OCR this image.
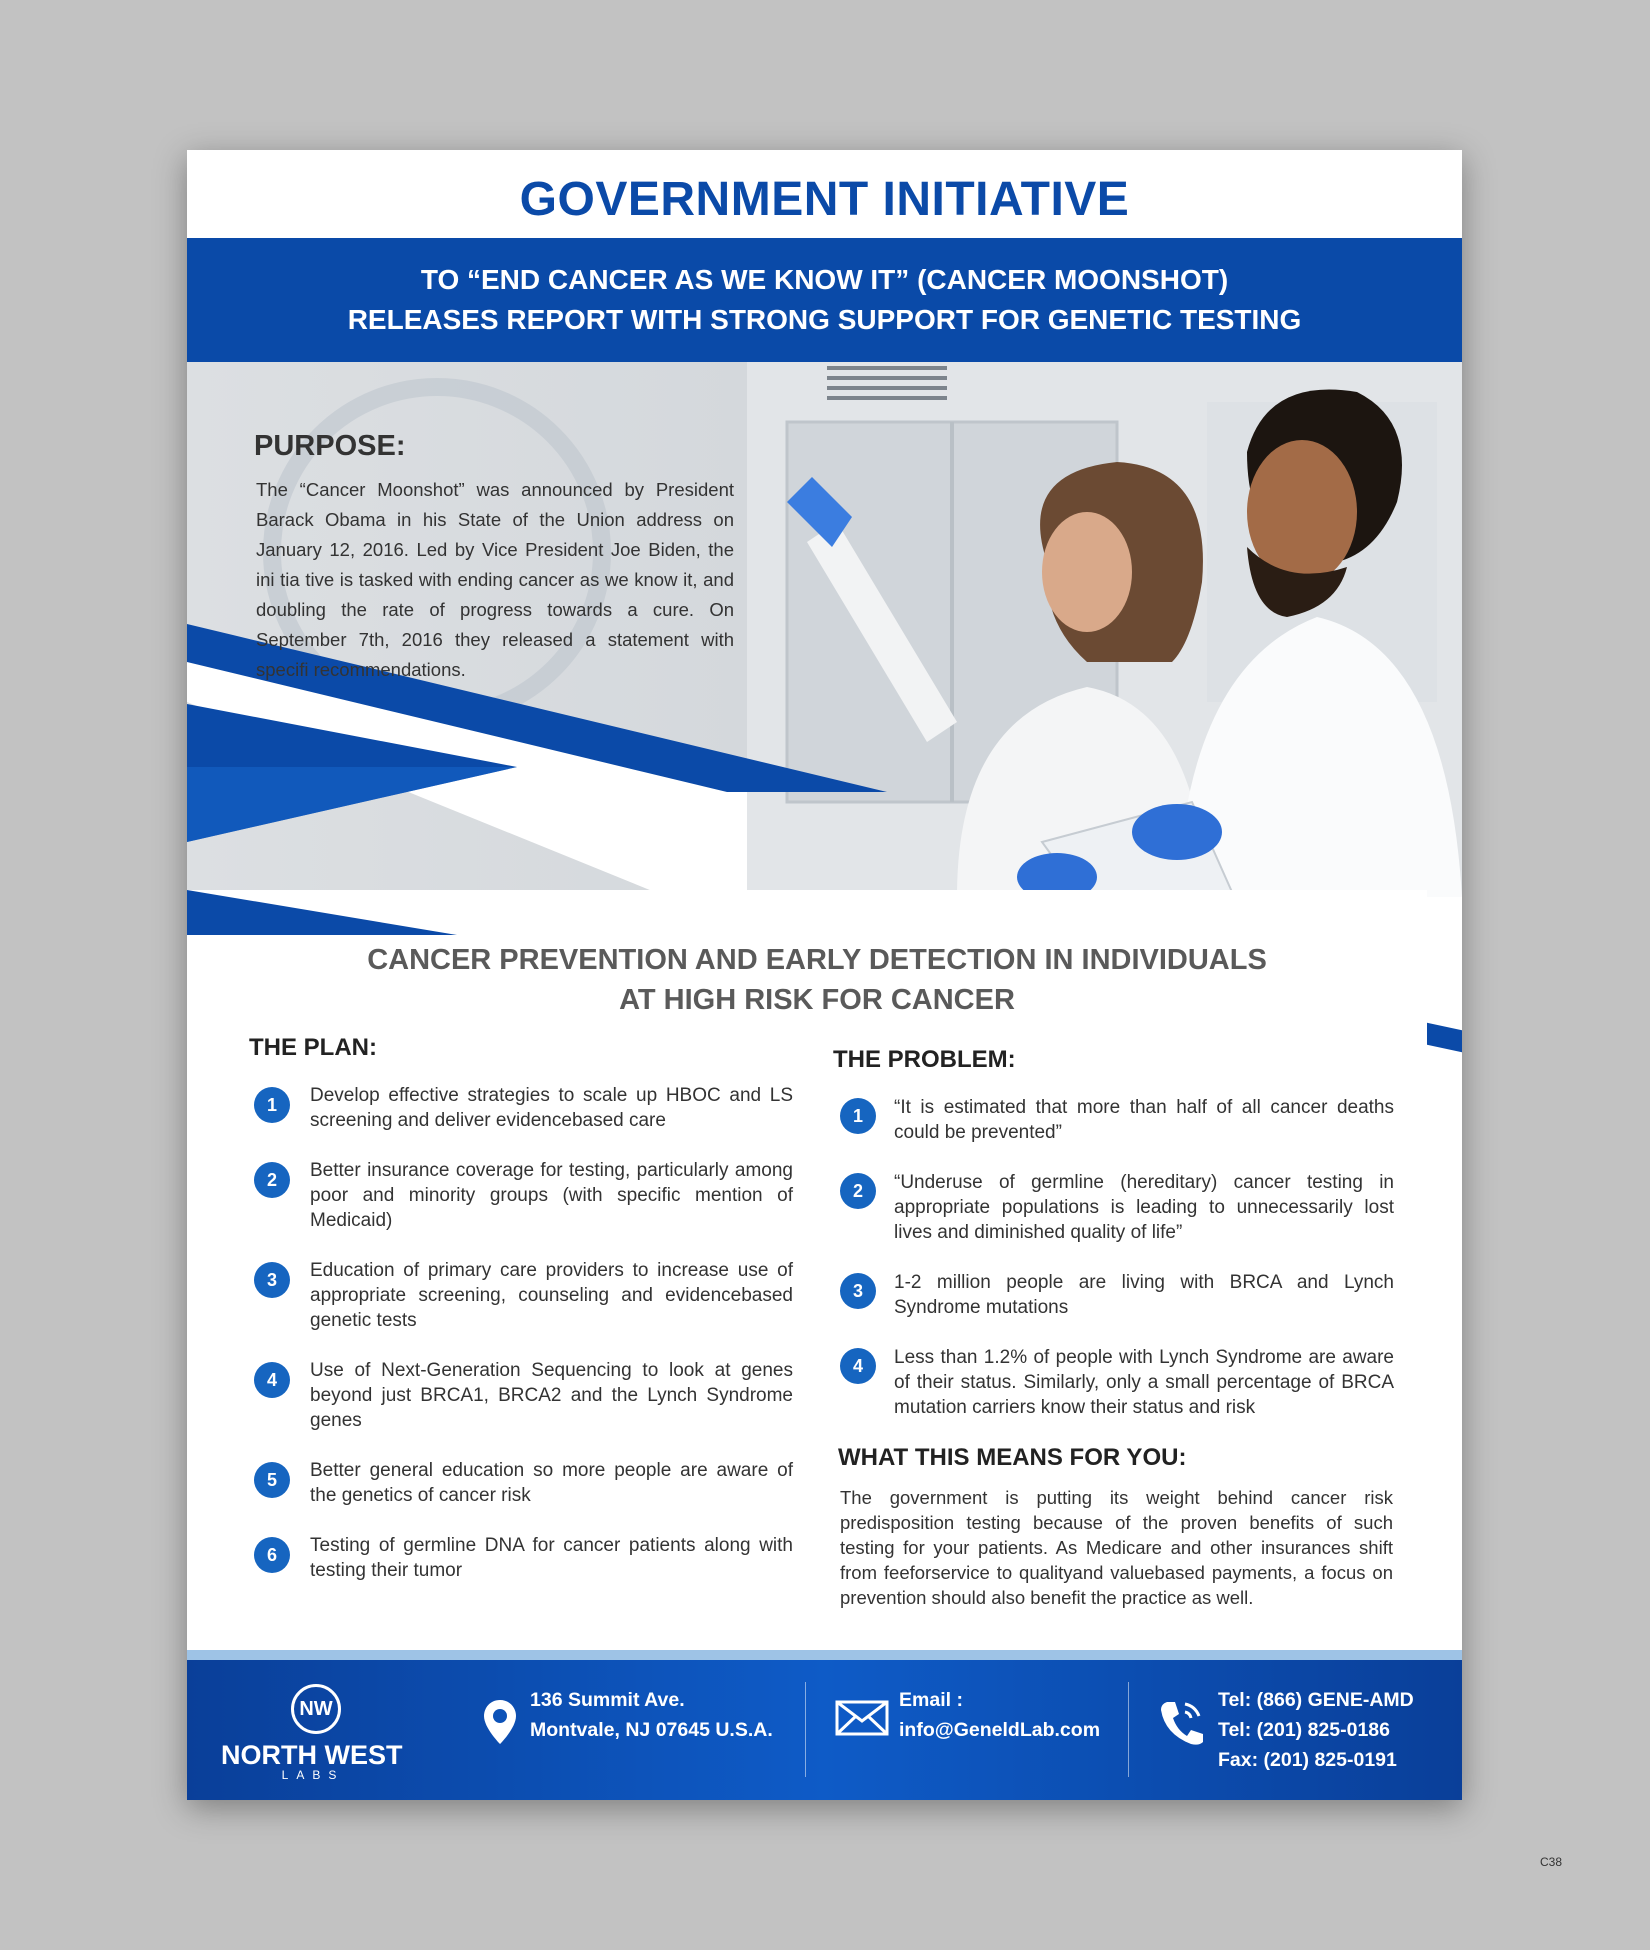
GOVERNMENT INITIATIVE
TO “END CANCER AS WE KNOW IT” (CANCER MOONSHOT)
RELEASES REPORT WITH STRONG SUPPORT FOR GENETIC TESTING
PURPOSE:
The “Cancer Moonshot” was announced by President Barack Obama in his State of the Union address on January 12, 2016. Led by Vice President Joe Biden, the ini tia tive is tasked with ending cancer as we know it, and doubling the rate of progress towards a cure. On September 7th, 2016 they released a statement with specifi recommendations.
CANCER PREVENTION AND EARLY DETECTION IN INDIVIDUALS
AT HIGH RISK FOR CANCER
THE PLAN:
1	Develop effective strategies to scale up HBOC and LS screening and deliver evidencebased care
2	Better insurance coverage for testing, particularly among poor and minority groups (with specific mention of Medicaid)
3	Education of primary care providers to increase use of appropriate screening, counseling and evidencebased genetic tests
4	Use of Next-Generation Sequencing to look at genes beyond just BRCA1, BRCA2 and the Lynch Syndrome genes
5	Better general education so more people are aware of the genetics of cancer risk
6	Testing of germline DNA for cancer patients along with testing their tumor
THE PROBLEM:
1	“It is estimated that more than half of all cancer deaths could be prevented”
2	“Underuse of germline (hereditary) cancer testing in appropriate populations is leading to unnecessarily lost lives and diminished quality of life”
3	1-2 million people are living with BRCA and Lynch Syndrome mutations
4	Less than 1.2% of people with Lynch Syndrome are aware of their status. Similarly, only a small percentage of BRCA mutation carriers know their status and risk
WHAT THIS MEANS FOR YOU:
The government is putting its weight behind cancer risk predisposition testing because of the proven benefits of such testing for your patients. As Medicare and other insurances shift from feeforservice to qualityand valuebased payments, a focus on prevention should also benefit the practice as well.
NW
NORTH WEST
LABS
136 Summit Ave.
Montvale, NJ 07645 U.S.A.
Email :
info@GeneldLab.com
Tel: (866) GENE-AMD
Tel: (201) 825-0186
Fax: (201) 825-0191
C38
